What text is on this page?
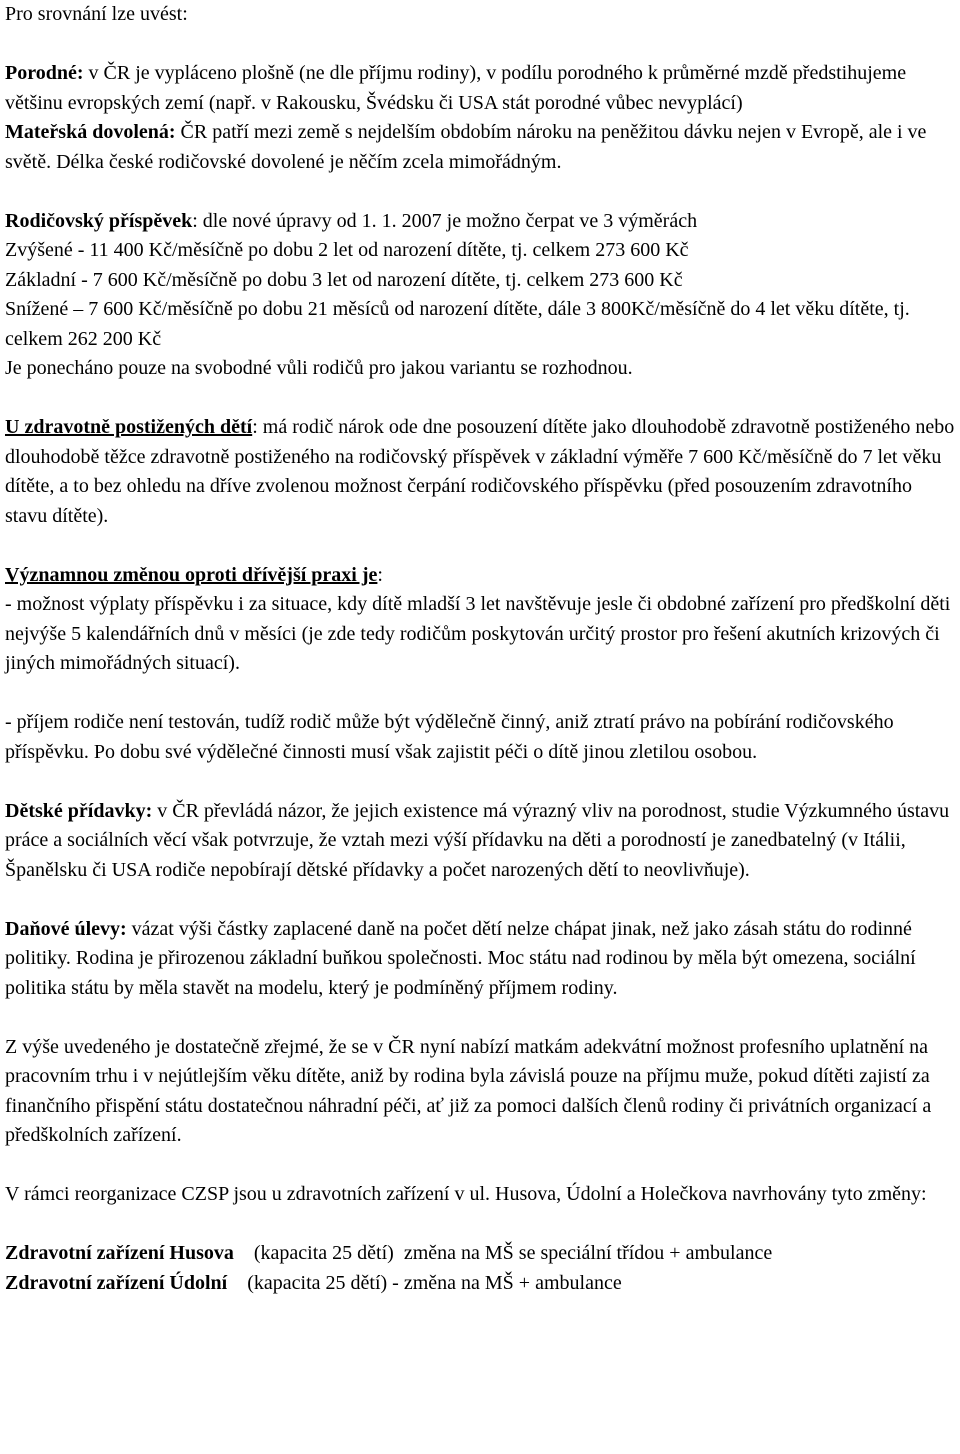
Pro srovnání lze uvést:

Porodné: v ČR je vypláceno plošně (ne dle příjmu rodiny), v podílu porodného k průměrné mzdě předstihujeme většinu evropských zemí (např. v Rakousku, Švédsku či USA stát porodné vůbec nevyplácí)

Mateřská dovolená: ČR patří mezi země s nejdelším obdobím nároku na peněžitou dávku nejen v Evropě, ale i ve světě. Délka české rodičovské dovolené je něčím zcela mimořádným.

Rodičovský příspěvek: dle nové úpravy od 1. 1. 2007 je možno čerpat ve 3 výměrách

Zvýšené - 11 400 Kč/měsíčně po dobu 2 let od narození dítěte, tj. celkem 273 600 Kč

Základní - 7 600 Kč/měsíčně po dobu 3 let od narození dítěte, tj. celkem 273 600 Kč

Snížené – 7 600 Kč/měsíčně po dobu 21 měsíců od narození dítěte, dále 3 800Kč/měsíčně do 4 let věku dítěte, tj. celkem 262 200 Kč

Je ponecháno pouze na svobodné vůli rodičů pro jakou variantu se rozhodnou.

U zdravotně postižených dětí: má rodič nárok ode dne posouzení dítěte jako dlouhodobě zdravotně postiženého nebo dlouhodobě těžce zdravotně postiženého na rodičovský příspěvek v základní výměře 7 600 Kč/měsíčně do 7 let věku dítěte, a to bez ohledu na dříve zvolenou možnost čerpání rodičovského příspěvku (před posouzením zdravotního stavu dítěte).

Významnou změnou oproti dřívější praxi je:

- možnost výplaty příspěvku i za situace, kdy dítě mladší 3 let navštěvuje jesle či obdobné zařízení pro předškolní děti nejvýše 5 kalendářních dnů v měsíci (je zde tedy rodičům poskytován určitý prostor pro řešení akutních krizových či jiných mimořádných situací).

- příjem rodiče není testován, tudíž rodič může být výdělečně činný, aniž ztratí právo na pobírání rodičovského příspěvku. Po dobu své výdělečné činnosti musí však zajistit péči o dítě jinou zletilou osobou.

Dětské přídavky: v ČR převládá názor, že jejich existence má výrazný vliv na porodnost, studie Výzkumného ústavu práce a sociálních věcí však potvrzuje, že vztah mezi výší přídavku na děti a porodností je zanedbatelný (v Itálii, Španělsku či USA rodiče nepobírají dětské přídavky a počet narozených dětí to neovlivňuje).

Daňové úlevy: vázat výši částky zaplacené daně na počet dětí nelze chápat jinak, než jako zásah státu do rodinné politiky. Rodina je přirozenou základní buňkou společnosti. Moc státu nad rodinou by měla být omezena, sociální politika státu by měla stavět na modelu, který je podmíněný příjmem rodiny.

Z výše uvedeného je dostatečně zřejmé, že se v ČR nyní nabízí matkám adekvátní možnost profesního uplatnění na pracovním trhu i v nejútlejším věku dítěte, aniž by rodina byla závislá pouze na příjmu muže, pokud dítěti zajistí za finančního přispění státu dostatečnou náhradní péči, ať již za pomoci dalších členů rodiny či privátních organizací a předškolních zařízení.

V rámci reorganizace CZSP jsou u zdravotních zařízení v ul. Husova, Údolní a Holečkova navrhovány tyto změny:

Zdravotní zařízení Husova    (kapacita 25 dětí)  změna na MŠ se speciální třídou + ambulance

Zdravotní zařízení Údolní    (kapacita 25 dětí) - změna na MŠ + ambulance
